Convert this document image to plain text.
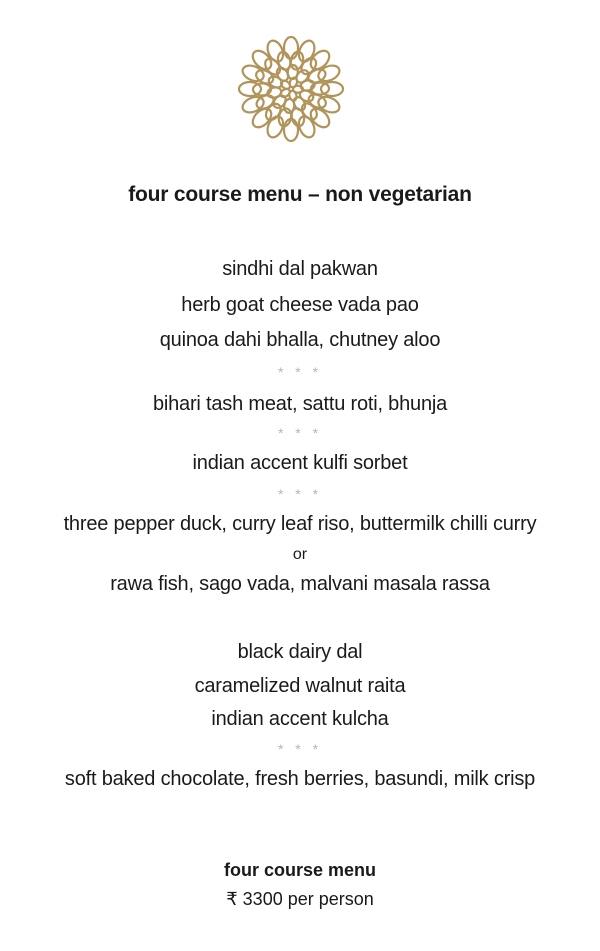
four course menu – non vegetarian
sindhi dal pakwan
herb goat cheese vada pao
quinoa dahi bhalla, chutney aloo
* * *
bihari tash meat, sattu roti, bhunja
* * *
indian accent kulfi sorbet
* * *
three pepper duck, curry leaf riso, buttermilk chilli curry
or
rawa fish, sago vada, malvani masala rassa
black dairy dal
caramelized walnut raita
indian accent kulcha
* * *
soft baked chocolate, fresh berries, basundi, milk crisp
four course menu
₹ 3300 per person
